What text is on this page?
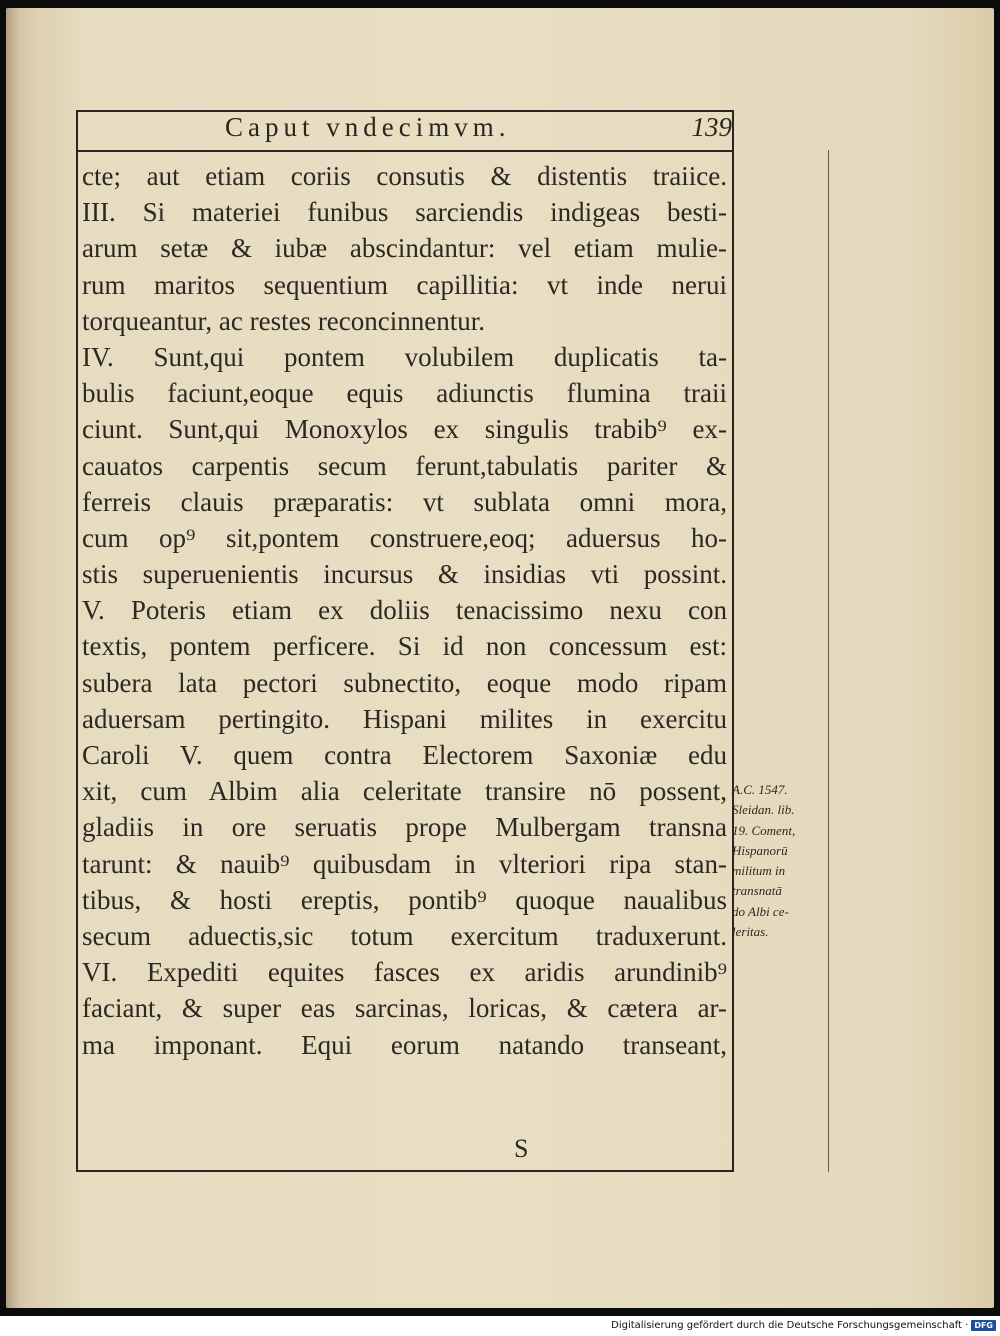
Caput vndecimvm.	139
cte; aut etiam coriis consutis & distentis traiice.
III. Si materiei funibus sarciendis indigeas besti-
arum setæ & iubæ abscindantur: vel etiam mulie-
rum maritos sequentium capillitia: vt inde nerui
torqueantur, ac restes reconcinnentur.
IV. Sunt,qui pontem volubilem duplicatis ta-
bulis faciunt,eoque equis adiunctis flumina traii
ciunt. Sunt,qui Monoxylos ex singulis trabib⁹ ex-
cauatos carpentis secum ferunt,tabulatis pariter &
ferreis clauis præparatis: vt sublata omni mora,
cum op⁹ sit,pontem construere,eoq; aduersus ho-
stis superuenientis incursus & insidias vti possint.
V. Poteris etiam ex doliis tenacissimo nexu con
textis, pontem perficere. Si id non concessum est:
subera lata pectori subnectito, eoque modo ripam
aduersam pertingito. Hispani milites in exercitu
Caroli V. quem contra Electorem Saxoniæ edu
xit, cum Albim alia celeritate transire nō possent,
gladiis in ore seruatis prope Mulbergam transna
tarunt: & nauib⁹ quibusdam in vlteriori ripa stan-
tibus, & hosti ereptis, pontib⁹ quoque naualibus
secum aduectis,sic totum exercitum traduxerunt.
VI. Expediti equites fasces ex aridis arundinib⁹
faciant, & super eas sarcinas, loricas, & cætera ar-
ma imponant. Equi eorum natando transeant,
S
A.C. 1547.
Sleidan. lib.
19. Coment,
Hispanorū
militum in
transnatā
do Albi ce-
leritas.
Digitalisierung gefördert durch die Deutsche Forschungsgemeinschaft · DFG
